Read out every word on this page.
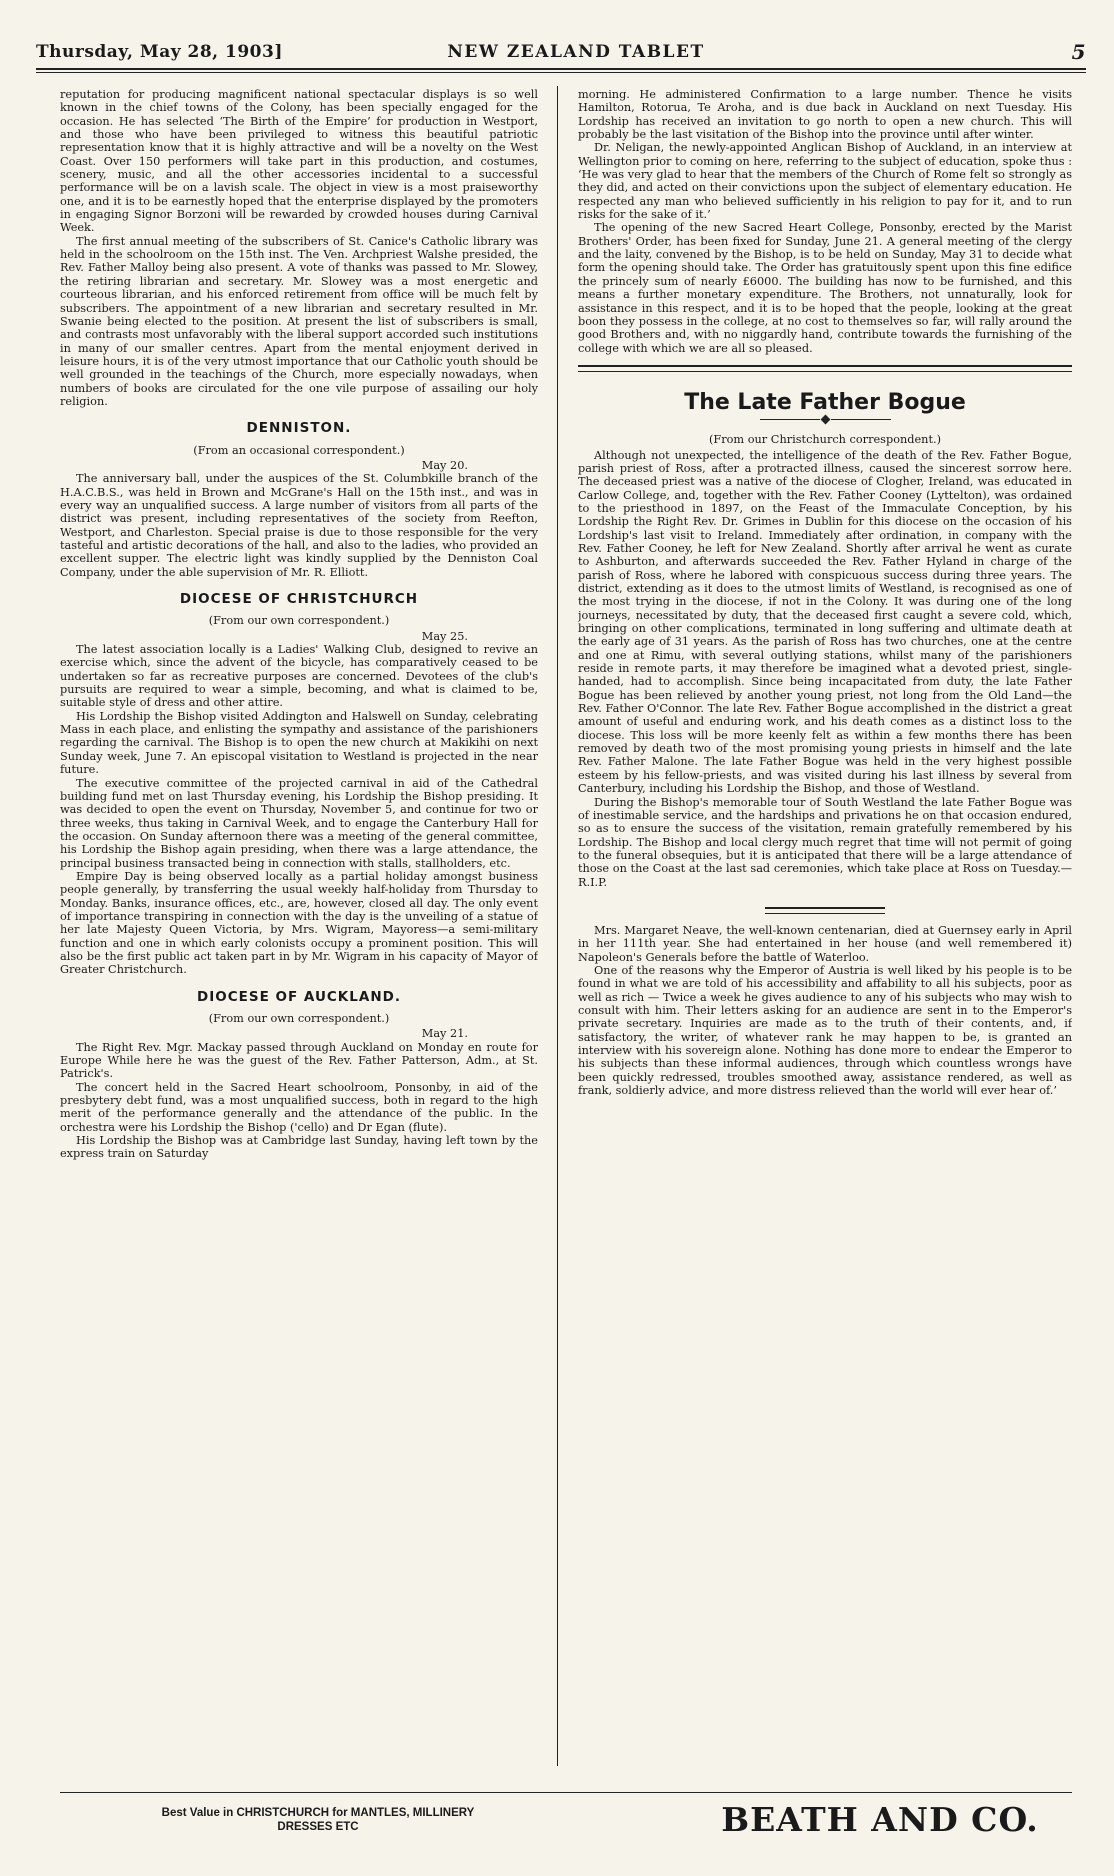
Thursday, May 28, 1903]	NEW ZEALAND TABLET	5

reputation for producing magnificent national spectacular displays is so well known in the chief towns of the Colony, has been specially engaged for the occasion. He has selected ‘The Birth of the Empire’ for production in Westport, and those who have been privileged to witness this beautiful patriotic representation know that it is highly attractive and will be a novelty on the West Coast. Over 150 performers will take part in this production, and costumes, scenery, music, and all the other accessories incidental to a successful performance will be on a lavish scale. The object in view is a most praiseworthy one, and it is to be earnestly hoped that the enterprise displayed by the promoters in engaging Signor Borzoni will be rewarded by crowded houses during Carnival Week.

The first annual meeting of the subscribers of St. Canice's Catholic library was held in the schoolroom on the 15th inst. The Ven. Archpriest Walshe presided, the Rev. Father Malloy being also present. A vote of thanks was passed to Mr. Slowey, the retiring librarian and secretary. Mr. Slowey was a most energetic and courteous librarian, and his enforced retirement from office will be much felt by subscribers. The appointment of a new librarian and secretary resulted in Mr. Swanie being elected to the position. At present the list of subscribers is small, and contrasts most unfavorably with the liberal support accorded such institutions in many of our smaller centres. Apart from the mental enjoyment derived in leisure hours, it is of the very utmost importance that our Catholic youth should be well grounded in the teachings of the Church, more especially nowadays, when numbers of books are circulated for the one vile purpose of assailing our holy religion.

DENNISTON.

(From an occasional correspondent.)

May 20.

The anniversary ball, under the auspices of the St. Columbkille branch of the H.A.C.B.S., was held in Brown and McGrane's Hall on the 15th inst., and was in every way an unqualified success. A large number of visitors from all parts of the district was present, including representatives of the society from Reefton, Westport, and Charleston. Special praise is due to those responsible for the very tasteful and artistic decorations of the hall, and also to the ladies, who provided an excellent supper. The electric light was kindly supplied by the Denniston Coal Company, under the able supervision of Mr. R. Elliott.

DIOCESE OF CHRISTCHURCH

(From our own correspondent.)

May 25.

The latest association locally is a Ladies' Walking Club, designed to revive an exercise which, since the advent of the bicycle, has comparatively ceased to be undertaken so far as recreative purposes are concerned. Devotees of the club's pursuits are required to wear a simple, becoming, and what is claimed to be, suitable style of dress and other attire.

His Lordship the Bishop visited Addington and Halswell on Sunday, celebrating Mass in each place, and enlisting the sympathy and assistance of the parishioners regarding the carnival. The Bishop is to open the new church at Makikihi on next Sunday week, June 7. An episcopal visitation to Westland is projected in the near future.

The executive committee of the projected carnival in aid of the Cathedral building fund met on last Thursday evening, his Lordship the Bishop presiding. It was decided to open the event on Thursday, November 5, and continue for two or three weeks, thus taking in Carnival Week, and to engage the Canterbury Hall for the occasion. On Sunday afternoon there was a meeting of the general committee, his Lordship the Bishop again presiding, when there was a large attendance, the principal business transacted being in connection with stalls, stallholders, etc.

Empire Day is being observed locally as a partial holiday amongst business people generally, by transferring the usual weekly half-holiday from Thursday to Monday. Banks, insurance offices, etc., are, however, closed all day. The only event of importance transpiring in connection with the day is the unveiling of a statue of her late Majesty Queen Victoria, by Mrs. Wigram, Mayoress—a semi-military function and one in which early colonists occupy a prominent position. This will also be the first public act taken part in by Mr. Wigram in his capacity of Mayor of Greater Christchurch.

DIOCESE OF AUCKLAND.

(From our own correspondent.)

May 21.

The Right Rev. Mgr. Mackay passed through Auckland on Monday en route for Europe While here he was the guest of the Rev. Father Patterson, Adm., at St. Patrick's.

The concert held in the Sacred Heart schoolroom, Ponsonby, in aid of the presbytery debt fund, was a most unqualified success, both in regard to the high merit of the performance generally and the attendance of the public. In the orchestra were his Lordship the Bishop ('cello) and Dr Egan (flute).

His Lordship the Bishop was at Cambridge last Sunday, having left town by the express train on Saturday

morning. He administered Confirmation to a large number. Thence he visits Hamilton, Rotorua, Te Aroha, and is due back in Auckland on next Tuesday. His Lordship has received an invitation to go north to open a new church. This will probably be the last visitation of the Bishop into the province until after winter.

Dr. Neligan, the newly-appointed Anglican Bishop of Auckland, in an interview at Wellington prior to coming on here, referring to the subject of education, spoke thus : ‘He was very glad to hear that the members of the Church of Rome felt so strongly as they did, and acted on their convictions upon the subject of elementary education. He respected any man who believed sufficiently in his religion to pay for it, and to run risks for the sake of it.’

The opening of the new Sacred Heart College, Ponsonby, erected by the Marist Brothers' Order, has been fixed for Sunday, June 21. A general meeting of the clergy and the laity, convened by the Bishop, is to be held on Sunday, May 31 to decide what form the opening should take. The Order has gratuitously spent upon this fine edifice the princely sum of nearly £6000. The building has now to be furnished, and this means a further monetary expenditure. The Brothers, not unnaturally, look for assistance in this respect, and it is to be hoped that the people, looking at the great boon they possess in the college, at no cost to themselves so far, will rally around the good Brothers and, with no niggardly hand, contribute towards the furnishing of the college with which we are all so pleased.

The Late Father Bogue

(From our Christchurch correspondent.)

Although not unexpected, the intelligence of the death of the Rev. Father Bogue, parish priest of Ross, after a protracted illness, caused the sincerest sorrow here. The deceased priest was a native of the diocese of Clogher, Ireland, was educated in Carlow College, and, together with the Rev. Father Cooney (Lyttelton), was ordained to the priesthood in 1897, on the Feast of the Immaculate Conception, by his Lordship the Right Rev. Dr. Grimes in Dublin for this diocese on the occasion of his Lordship's last visit to Ireland. Immediately after ordination, in company with the Rev. Father Cooney, he left for New Zealand. Shortly after arrival he went as curate to Ashburton, and afterwards succeeded the Rev. Father Hyland in charge of the parish of Ross, where he labored with conspicuous success during three years. The district, extending as it does to the utmost limits of Westland, is recognised as one of the most trying in the diocese, if not in the Colony. It was during one of the long journeys, necessitated by duty, that the deceased first caught a severe cold, which, bringing on other complications, terminated in long suffering and ultimate death at the early age of 31 years. As the parish of Ross has two churches, one at the centre and one at Rimu, with several outlying stations, whilst many of the parishioners reside in remote parts, it may therefore be imagined what a devoted priest, single-handed, had to accomplish. Since being incapacitated from duty, the late Father Bogue has been relieved by another young priest, not long from the Old Land—the Rev. Father O'Connor. The late Rev. Father Bogue accomplished in the district a great amount of useful and enduring work, and his death comes as a distinct loss to the diocese. This loss will be more keenly felt as within a few months there has been removed by death two of the most promising young priests in himself and the late Rev. Father Malone. The late Father Bogue was held in the very highest possible esteem by his fellow-priests, and was visited during his last illness by several from Canterbury, including his Lordship the Bishop, and those of Westland.

During the Bishop's memorable tour of South Westland the late Father Bogue was of inestimable service, and the hardships and privations he on that occasion endured, so as to ensure the success of the visitation, remain gratefully remembered by his Lordship. The Bishop and local clergy much regret that time will not permit of going to the funeral obsequies, but it is anticipated that there will be a large attendance of those on the Coast at the last sad ceremonies, which take place at Ross on Tuesday.—R.I.P.

Mrs. Margaret Neave, the well-known centenarian, died at Guernsey early in April in her 111th year. She had entertained in her house (and well remembered it) Napoleon's Generals before the battle of Waterloo.

One of the reasons why the Emperor of Austria is well liked by his people is to be found in what we are told of his accessibility and affability to all his subjects, poor as well as rich — Twice a week he gives audience to any of his subjects who may wish to consult with him. Their letters asking for an audience are sent in to the Emperor's private secretary. Inquiries are made as to the truth of their contents, and, if satisfactory, the writer, of whatever rank he may happen to be, is granted an interview with his sovereign alone. Nothing has done more to endear the Emperor to his subjects than these informal audiences, through which countless wrongs have been quickly redressed, troubles smoothed away, assistance rendered, as well as frank, soldierly advice, and more distress relieved than the world will ever hear of.’

Best Value in CHRISTCHURCH for MANTLES, MILLINERY
DRESSES ETC	BEATH AND CO.
